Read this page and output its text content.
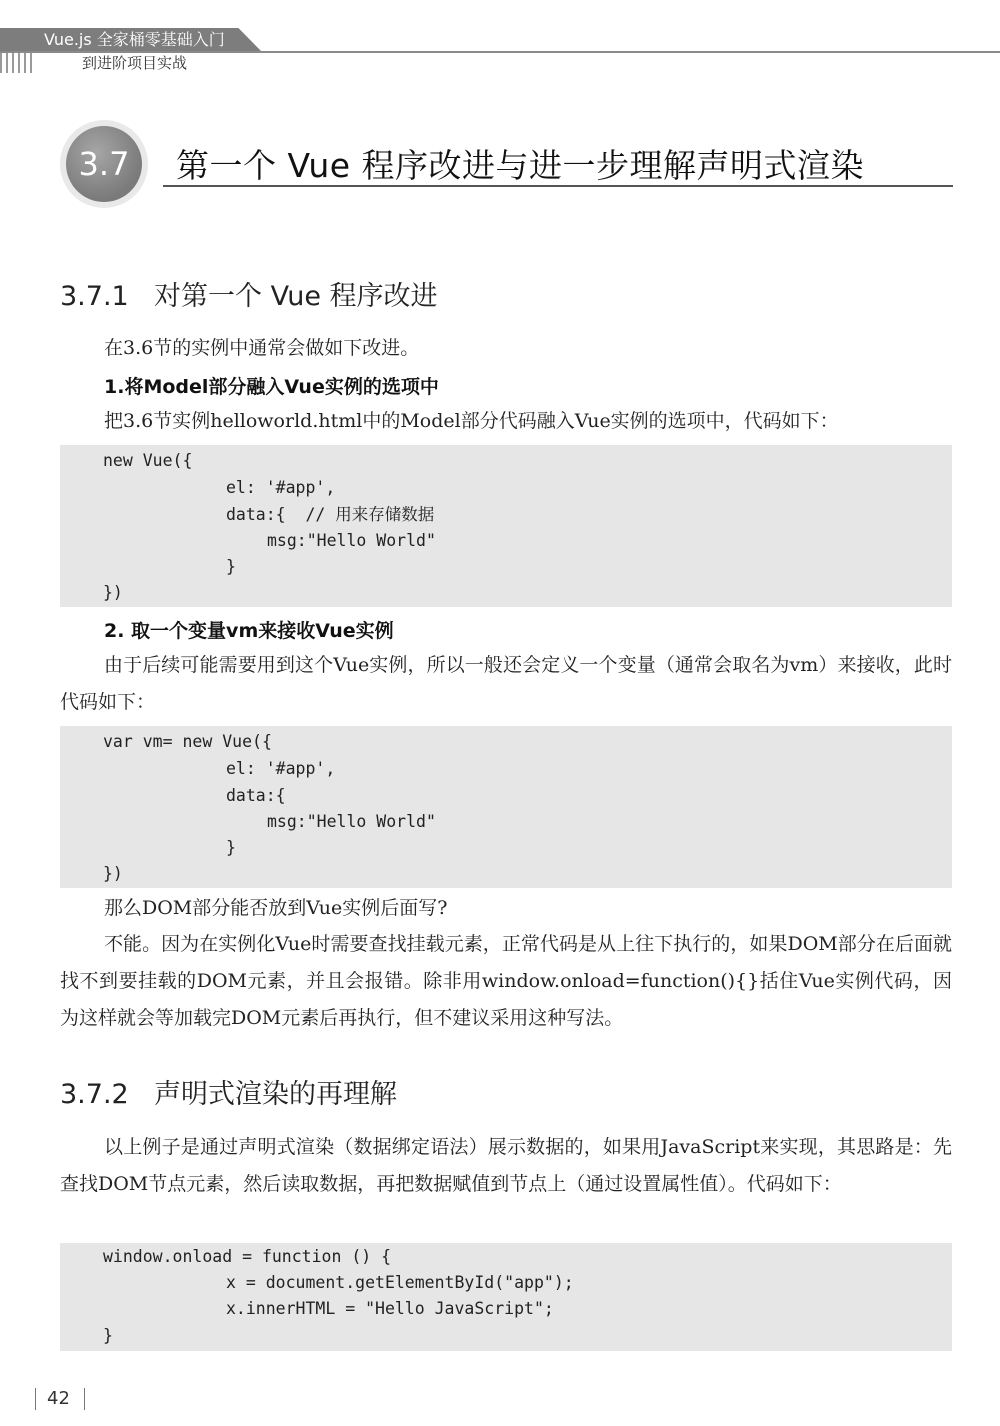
Vue.js 全家桶零基础入门
到进阶项目实战
3.7	第一个 Vue 程序改进与进一步理解声明式渲染
3.7.1 对第一个 Vue 程序改进

在3.6节的实例中通常会做如下改进。

1.将Model部分融入Vue实例的选项中

把3.6节实例helloworld.html中的Model部分代码融入Vue实例的选项中，代码如下：

new Vue({
el: '#app',
data:{  // 用来存储数据
msg:"Hello World"
}
})
2. 取一个变量vm来接收Vue实例

由于后续可能需要用到这个Vue实例，所以一般还会定义一个变量（通常会取名为vm）来接收，此时代码如下：

var vm= new Vue({
el: '#app',
data:{
msg:"Hello World"
}
})

那么DOM部分能否放到Vue实例后面写?

不能。因为在实例化Vue时需要查找挂载元素，正常代码是从上往下执行的，如果DOM部分在后面就找不到要挂载的DOM元素，并且会报错。除非用window.onload=function(){}括住Vue实例代码，因为这样就会等加载完DOM元素后再执行，但不建议采用这种写法。

3.7.2 声明式渲染的再理解

以上例子是通过声明式渲染（数据绑定语法）展示数据的，如果用JavaScript来实现，其思路是：先查找DOM节点元素，然后读取数据，再把数据赋值到节点上（通过设置属性值）。代码如下：

window.onload = function () {
x = document.getElementById("app");
x.innerHTML = "Hello JavaScript";
}
42
